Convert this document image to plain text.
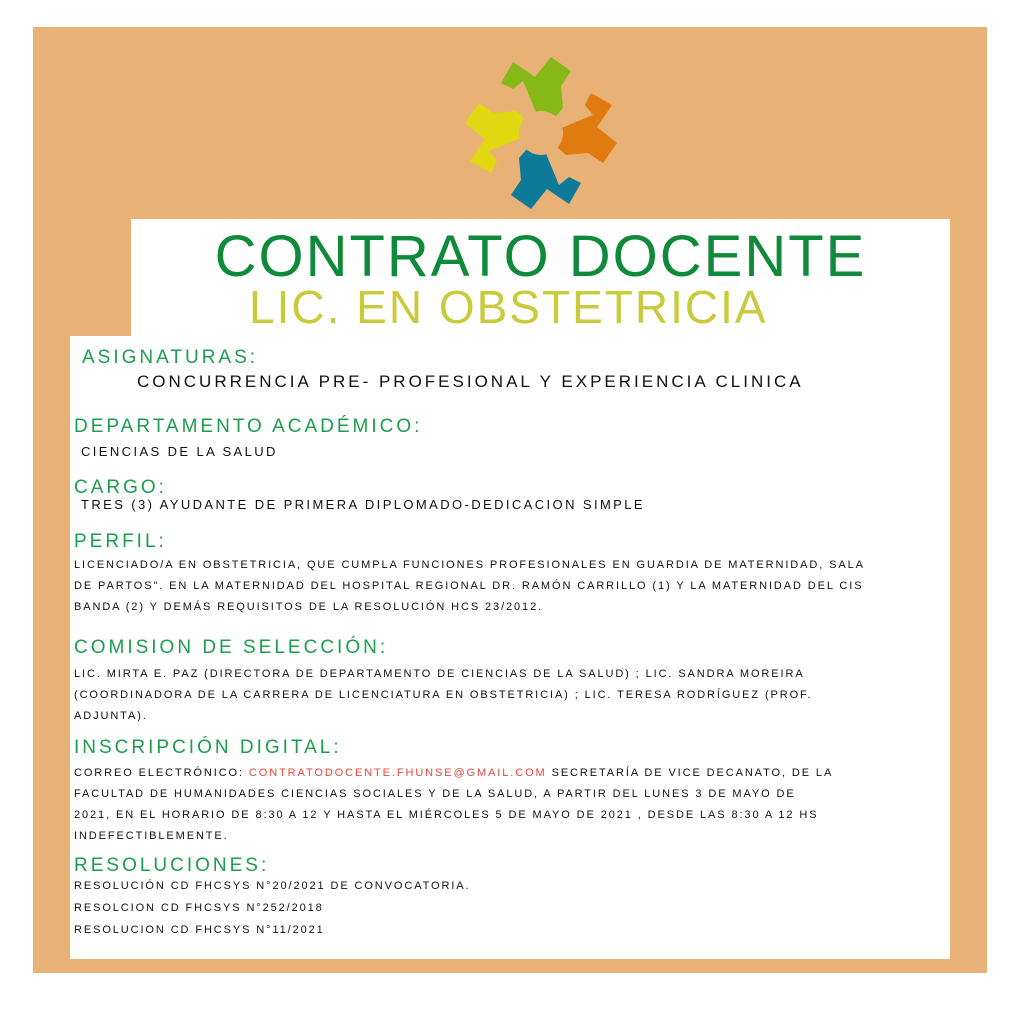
CONTRATO DOCENTE
LIC. EN OBSTETRICIA
ASIGNATURAS:
CONCURRENCIA PRE- PROFESIONAL Y EXPERIENCIA CLINICA
DEPARTAMENTO ACADÉMICO:
CIENCIAS DE LA SALUD
CARGO:
TRES (3) AYUDANTE DE PRIMERA DIPLOMADO-DEDICACION SIMPLE
PERFIL:
LICENCIADO/A EN OBSTETRICIA, QUE CUMPLA FUNCIONES PROFESIONALES EN GUARDIA DE MATERNIDAD, SALA
DE PARTOS". EN LA MATERNIDAD DEL HOSPITAL REGIONAL DR. RAMÓN CARRILLO (1) Y LA MATERNIDAD DEL CIS
BANDA (2) Y DEMÁS REQUISITOS DE LA RESOLUCIÓN HCS 23/2012.
COMISION DE SELECCIÓN:
LIC. MIRTA E. PAZ (DIRECTORA DE DEPARTAMENTO DE CIENCIAS DE LA SALUD) ; LIC. SANDRA MOREIRA
(COORDINADORA DE LA CARRERA DE LICENCIATURA EN OBSTETRICIA) ; LIC. TERESA RODRÍGUEZ (PROF.
ADJUNTA).
INSCRIPCIÓN DIGITAL:
CORREO ELECTRÓNICO: CONTRATODOCENTE.FHUNSE@GMAIL.COM SECRETARÍA DE VICE DECANATO, DE LA
FACULTAD DE HUMANIDADES CIENCIAS SOCIALES Y DE LA SALUD, A PARTIR DEL LUNES 3 DE MAYO DE
2021, EN EL HORARIO DE 8:30 A 12 Y HASTA EL MIÉRCOLES 5 DE MAYO DE 2021 , DESDE LAS 8:30 A 12 HS
INDEFECTIBLEMENTE.
RESOLUCIONES:
RESOLUCIÓN CD FHCSYS N°20/2021 DE CONVOCATORIA.
RESOLCION CD FHCSYS N°252/2018
RESOLUCION CD FHCSYS N°11/2021
